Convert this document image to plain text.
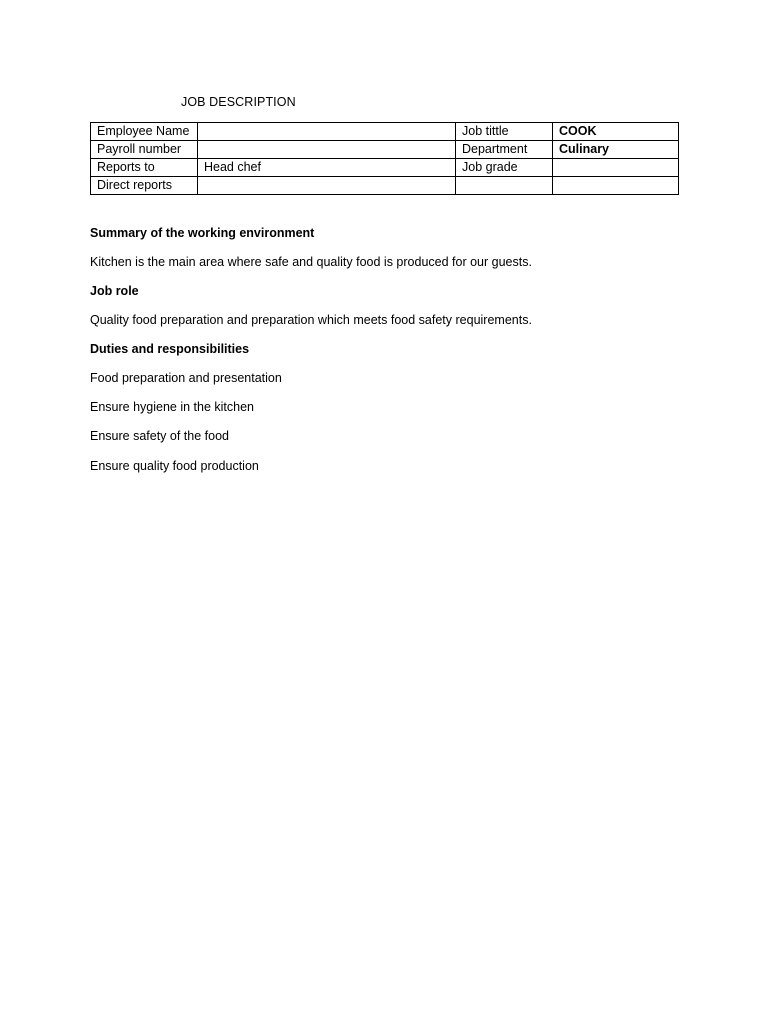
JOB DESCRIPTION
Employee Name		Job tittle	COOK
Payroll number		Department	Culinary
Reports to	Head chef	Job grade	
Direct reports			
Summary of the working environment
Kitchen is the main area where safe and quality food is produced for our guests.
Job role
Quality food preparation and preparation which meets food safety requirements.
Duties and responsibilities
Food preparation and presentation
Ensure hygiene in the kitchen
Ensure safety of the food
Ensure quality food production
